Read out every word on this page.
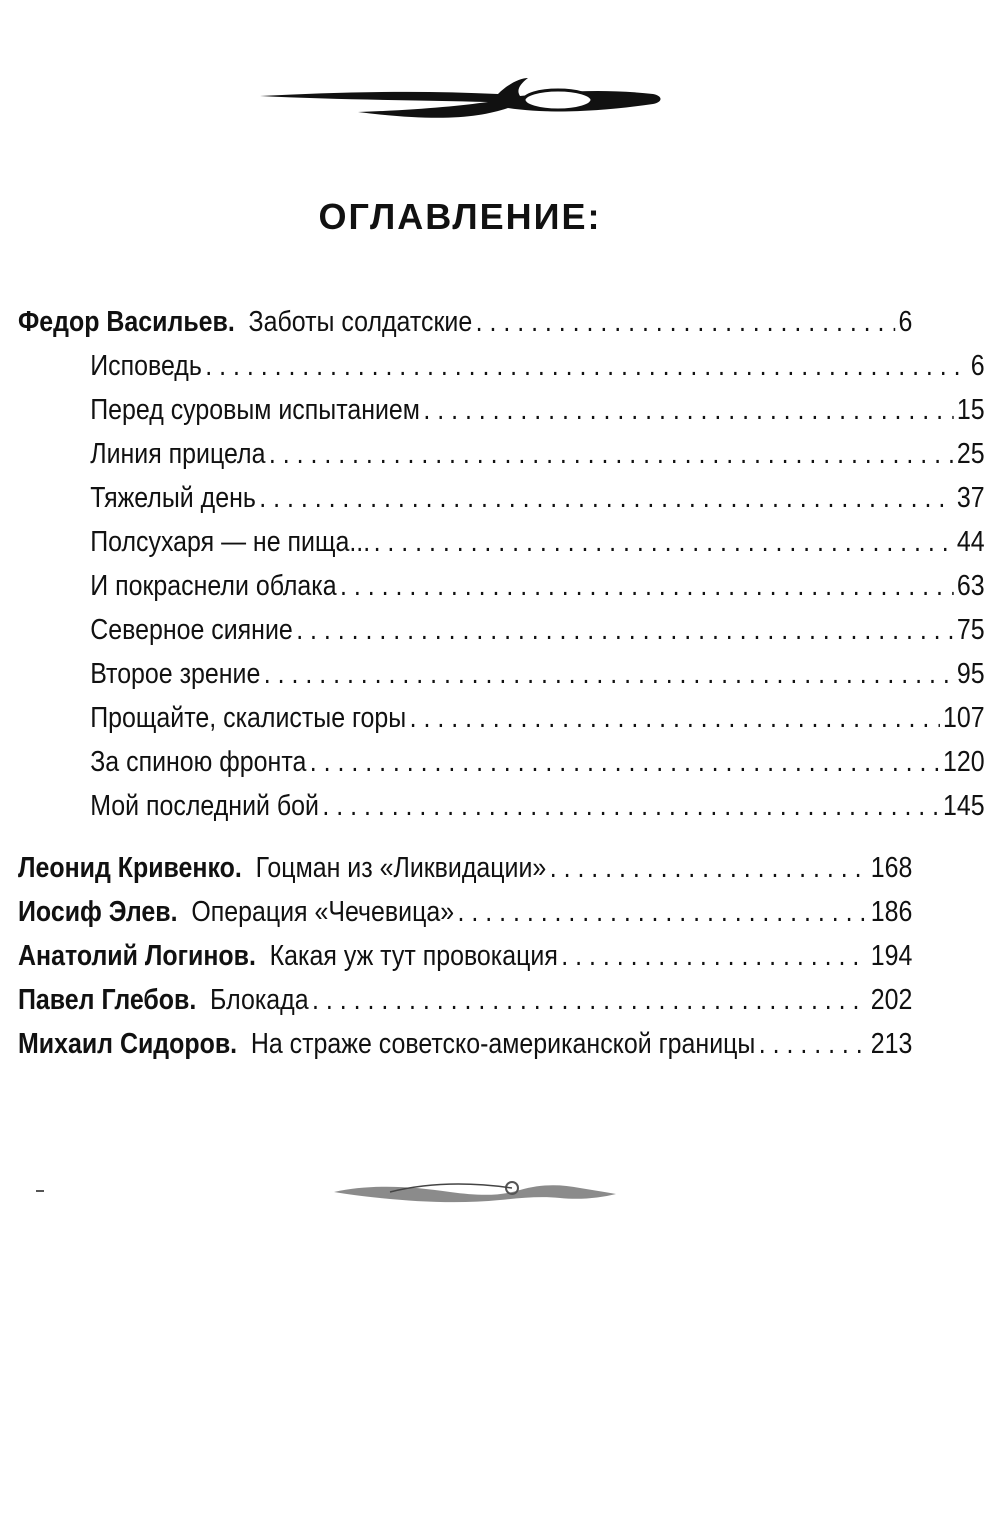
ОГЛАВЛЕНИЕ:
Федор Васильев. Заботы солдатские . . .	6
Исповедь . . .	6
Перед суровым испытанием . . .	15
Линия прицела . . .	25
Тяжелый день . . .	37
Полсухаря — не пища... . . .	44
И покраснели облака . . .	63
Северное сияние . . .	75
Второе зрение . . .	95
Прощайте, скалистые горы . . .	107
За спиною фронта . . .	120
Мой последний бой . . .	145
Леонид Кривенко. Гоцман из «Ликвидации» . . .	168
Иосиф Элев. Операция «Чечевица» . . .	186
Анатолий Логинов. Какая уж тут провокация . . .	194
Павел Глебов. Блокада . . .	202
Михаил Сидоров. На страже советско-американской границы . . .	213
